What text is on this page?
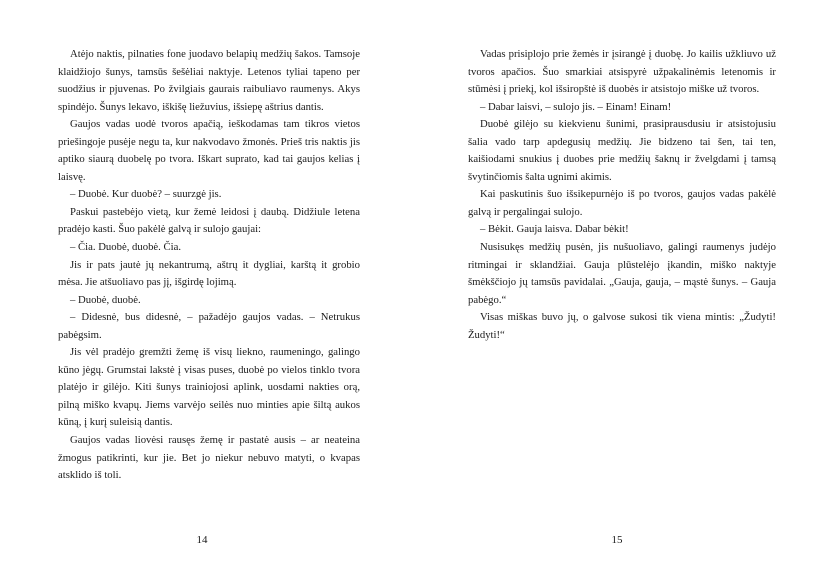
Atėjo naktis, pilnaties fone juodavo belapių medžių šakos. Tamsoje klaidžiojo šunys, tamsūs šešėliai naktyje. Letenos tyliai tapeno per suodžius ir pjuvenas. Po žvilgiais gaurais raibuliavo raumenys. Akys spindėjo. Šunys lekavo, iškišę liežuvius, išsiepę aštrius dantis.

Gaujos vadas uodė tvoros apačią, ieškodamas tam tikros vietos priešingoje pusėje negu ta, kur nakvodavo žmonės. Prieš tris naktis jis aptiko siaurą duobelę po tvora. Iškart suprato, kad tai gaujos kelias į laisvę.

– Duobė. Kur duobė? – suurzgė jis.

Paskui pastebėjo vietą, kur žemė leidosi į daubą. Didžiule letena pradėjo kasti. Šuo pakėlė galvą ir sulojo gaujai:

– Čia. Duobė, duobė. Čia.

Jis ir pats jautė jų nekantrumą, aštrų it dygliai, karštą it grobio mėsa. Jie atšuoliavo pas jį, išgirdę lojimą.

– Duobė, duobė.

– Didesnė, bus didesnė, – pažadėjo gaujos vadas. – Netrukus pabėgsim.

Jis vėl pradėjo gremžti žemę iš visų liekno, raumeningo, galingo kūno jėgų. Grumstai lakstė į visas puses, duobė po vielos tinklo tvora platėjo ir gilėjo. Kiti šunys trainiojosi aplink, uosdami nakties orą, pilną miško kvapų. Jiems varvėjo seilės nuo minties apie šiltą aukos kūną, į kurį suleisią dantis.

Gaujos vadas liovėsi rausęs žemę ir pastatė ausis – ar neateina žmogus patikrinti, kur jie. Bet jo niekur nebuvo matyti, o kvapas atsklido iš toli.

14

Vadas prisiplojo prie žemės ir įsirangė į duobę. Jo kailis užkliuvo už tvoros apačios. Šuo smarkiai atsispyrė užpakalinėmis letenomis ir stūmėsi į priekį, kol išsiropštė iš duobės ir atsistojo miške už tvoros.

– Dabar laisvi, – sulojo jis. – Einam! Einam!

Duobė gilėjo su kiekvienu šunimi, prasiprausdusiu ir atsistojusiu šalia vado tarp apdegusių medžių. Jie bidzeno tai šen, tai ten, kaišiodami snukius į duobes prie medžių šaknų ir žvelgdami į tamsą švytinčiomis šalta ugnimi akimis.

Kai paskutinis šuo išsikepurnėjo iš po tvoros, gaujos vadas pakėlė galvą ir pergalingai sulojo.

– Bėkit. Gauja laisva. Dabar bėkit!

Nusisukęs medžių pusėn, jis nušuoliavo, galingi raumenys judėjo ritmingai ir sklandžiai. Gauja plūstelėjo įkandin, miško naktyje šmėkščiojo jų tamsūs pavidalai. „Gauja, gauja, – mąstė šunys. – Gauja pabėgo.“

Visas miškas buvo jų, o galvose sukosi tik viena mintis: „Žudyti! Žudyti!“

15
